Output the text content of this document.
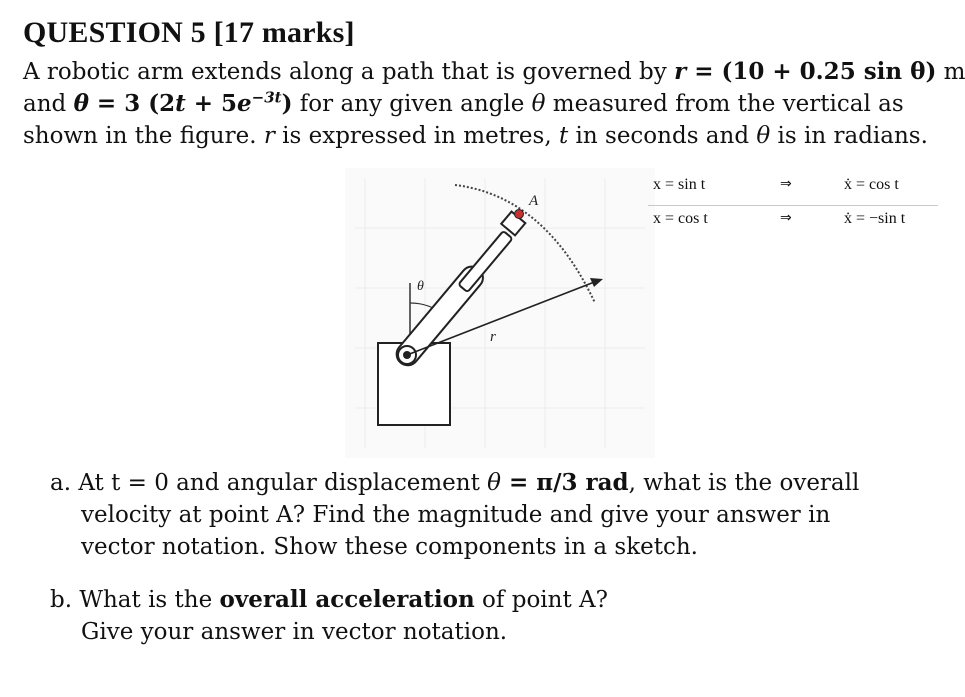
QUESTION 5 [17 marks]
A robotic arm extends along a path that is governed by r = (10 + 0.25 sin θ) m
and θ = 3 $(2t + 5e^{-3t})$ for any given angle θ measured from the vertical as
shown in the figure. r is expressed in metres, t in seconds and θ is in radians.
A
θ
r
x = sin t	⇒	ẋ = cos t
x = cos t	⇒	ẋ = −sin t
a. At t = 0 and angular displacement θ = π/3 rad, what is the overall
velocity at point A? Find the magnitude and give your answer in
vector notation. Show these components in a sketch.
b. What is the overall acceleration of point A?
Give your answer in vector notation.
